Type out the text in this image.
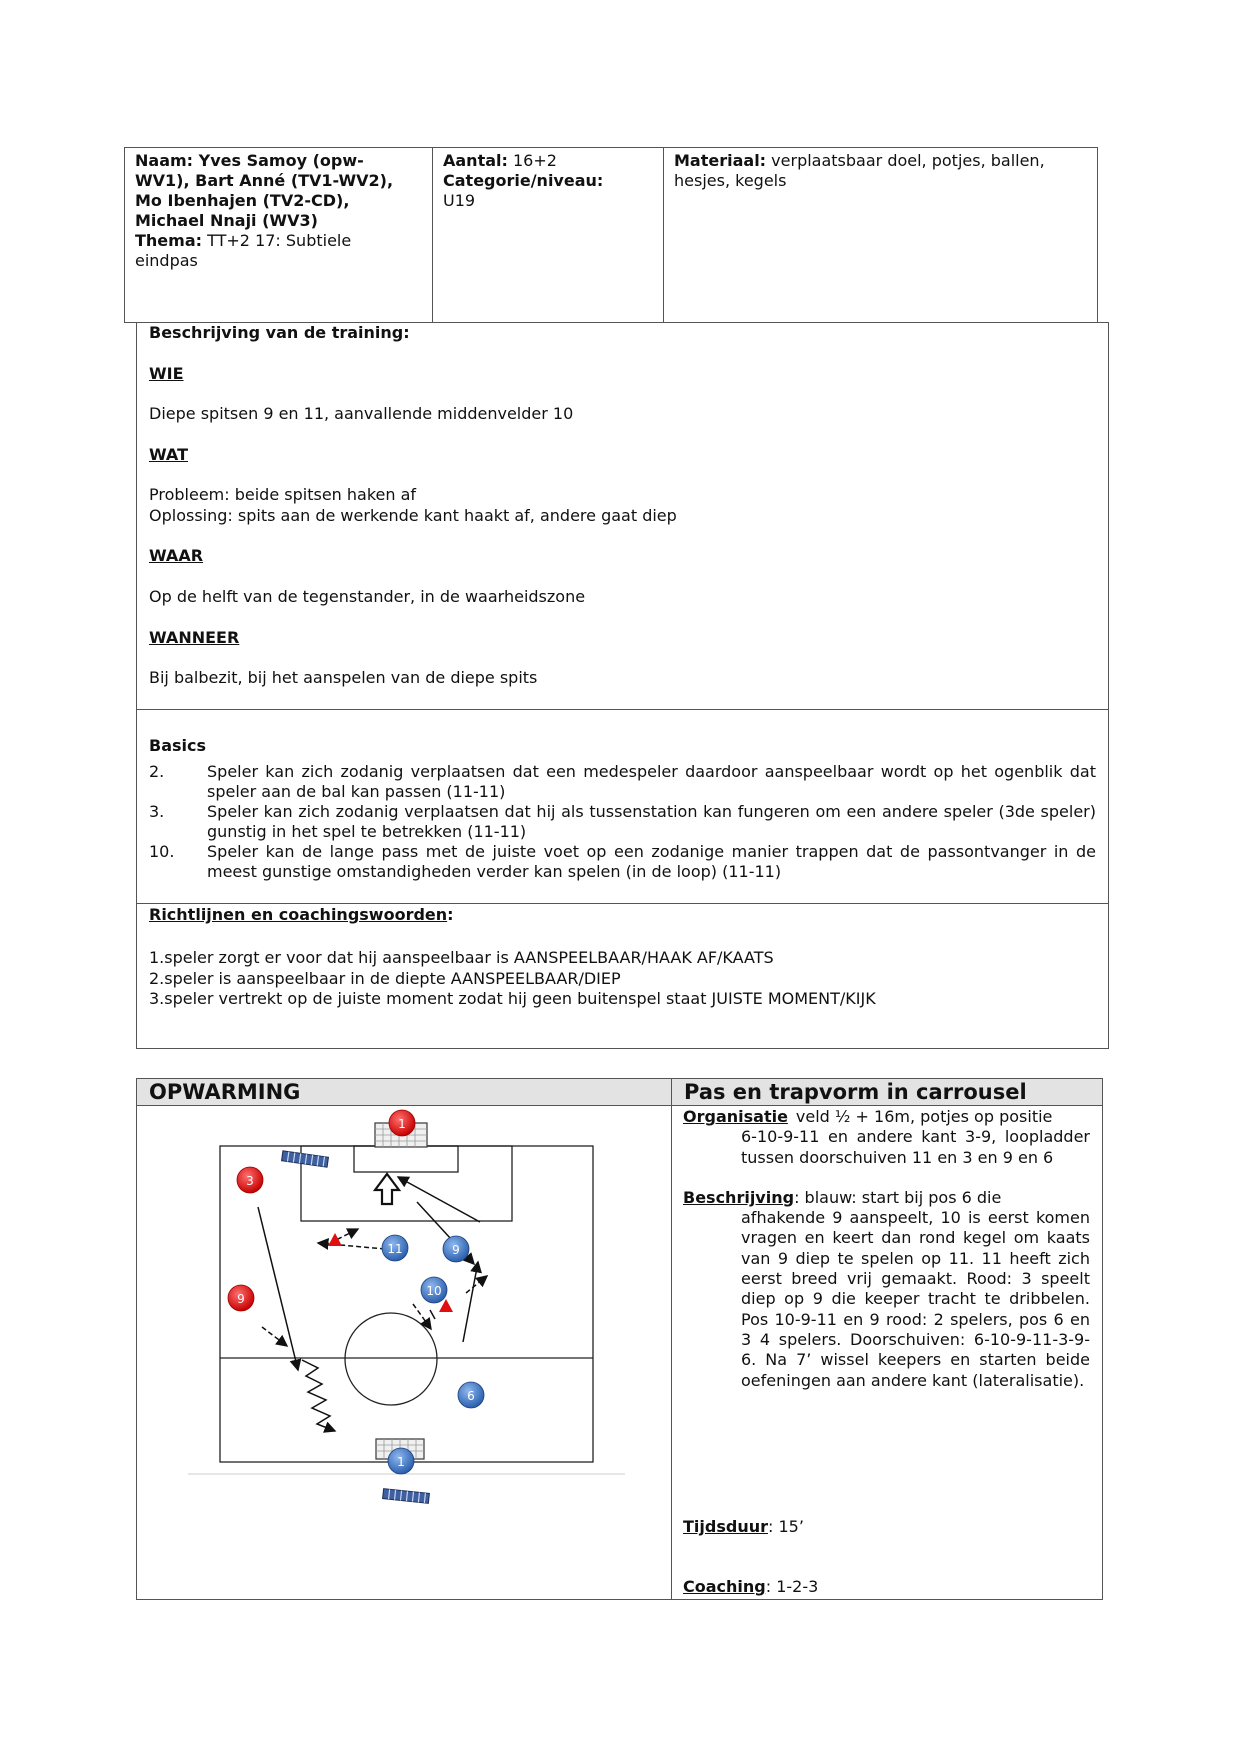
Naam: Yves Samoy (opw-
WV1), Bart Anné (TV1-WV2),
Mo Ibenhajen (TV2-CD),
Michael Nnaji (WV3)
Thema: TT+2 17: Subtiele
eindpas
Aantal: 16+2
Categorie/niveau:
U19
Materiaal: verplaatsbaar doel, potjes, ballen,
hesjes, kegels
Beschrijving van de training:
WIE
Diepe spitsen 9 en 11, aanvallende middenvelder 10
WAT
Probleem: beide spitsen haken af
Oplossing: spits aan de werkende kant haakt af, andere gaat diep
WAAR
Op de helft van de tegenstander, in de waarheidszone
WANNEER
Bij balbezit, bij het aanspelen van de diepe spits
Basics
2.	Speler kan zich zodanig verplaatsen dat een medespeler daardoor aanspeelbaar wordt op het ogenblik dat speler aan de bal kan passen (11-11)
3.	Speler kan zich zodanig verplaatsen dat hij als tussenstation kan fungeren om een andere speler (3de speler) gunstig in het spel te betrekken (11-11)
10.	Speler kan de lange pass met de juiste voet op een zodanige manier trappen dat de passontvanger in de meest gunstige omstandigheden verder kan spelen (in de loop) (11-11)
Richtlijnen en coachingswoorden:
1.speler zorgt er voor dat hij aanspeelbaar is AANSPEELBAAR/HAAK AF/KAATS
2.speler is aanspeelbaar in de diepte AANSPEELBAAR/DIEP
3.speler vertrekt op de juiste moment zodat hij geen buitenspel staat JUISTE MOMENT/KIJK
OPWARMING	Pas en trapvorm in carrousel
1
3
9
11	9
10
6
1
Organisatie veld ½ + 16m, potjes op positie
6-10-9-11 en andere kant 3-9, loopladder tussen doorschuiven 11 en 3 en 9 en 6
Beschrijving : blauw: start bij pos 6 die
afhakende 9 aanspeelt, 10 is eerst komen vragen en keert dan rond kegel om kaats van 9 diep te spelen op 11. 11 heeft zich eerst breed vrij gemaakt. Rood: 3 speelt diep op 9 die keeper tracht te dribbelen. Pos 10-9-11 en 9 rood: 2 spelers, pos 6 en 3 4 spelers. Doorschuiven: 6-10-9-11-3-9-6. Na 7’ wissel keepers en starten beide oefeningen aan andere kant (lateralisatie).
Tijdsduur: 15’
Coaching: 1-2-3
